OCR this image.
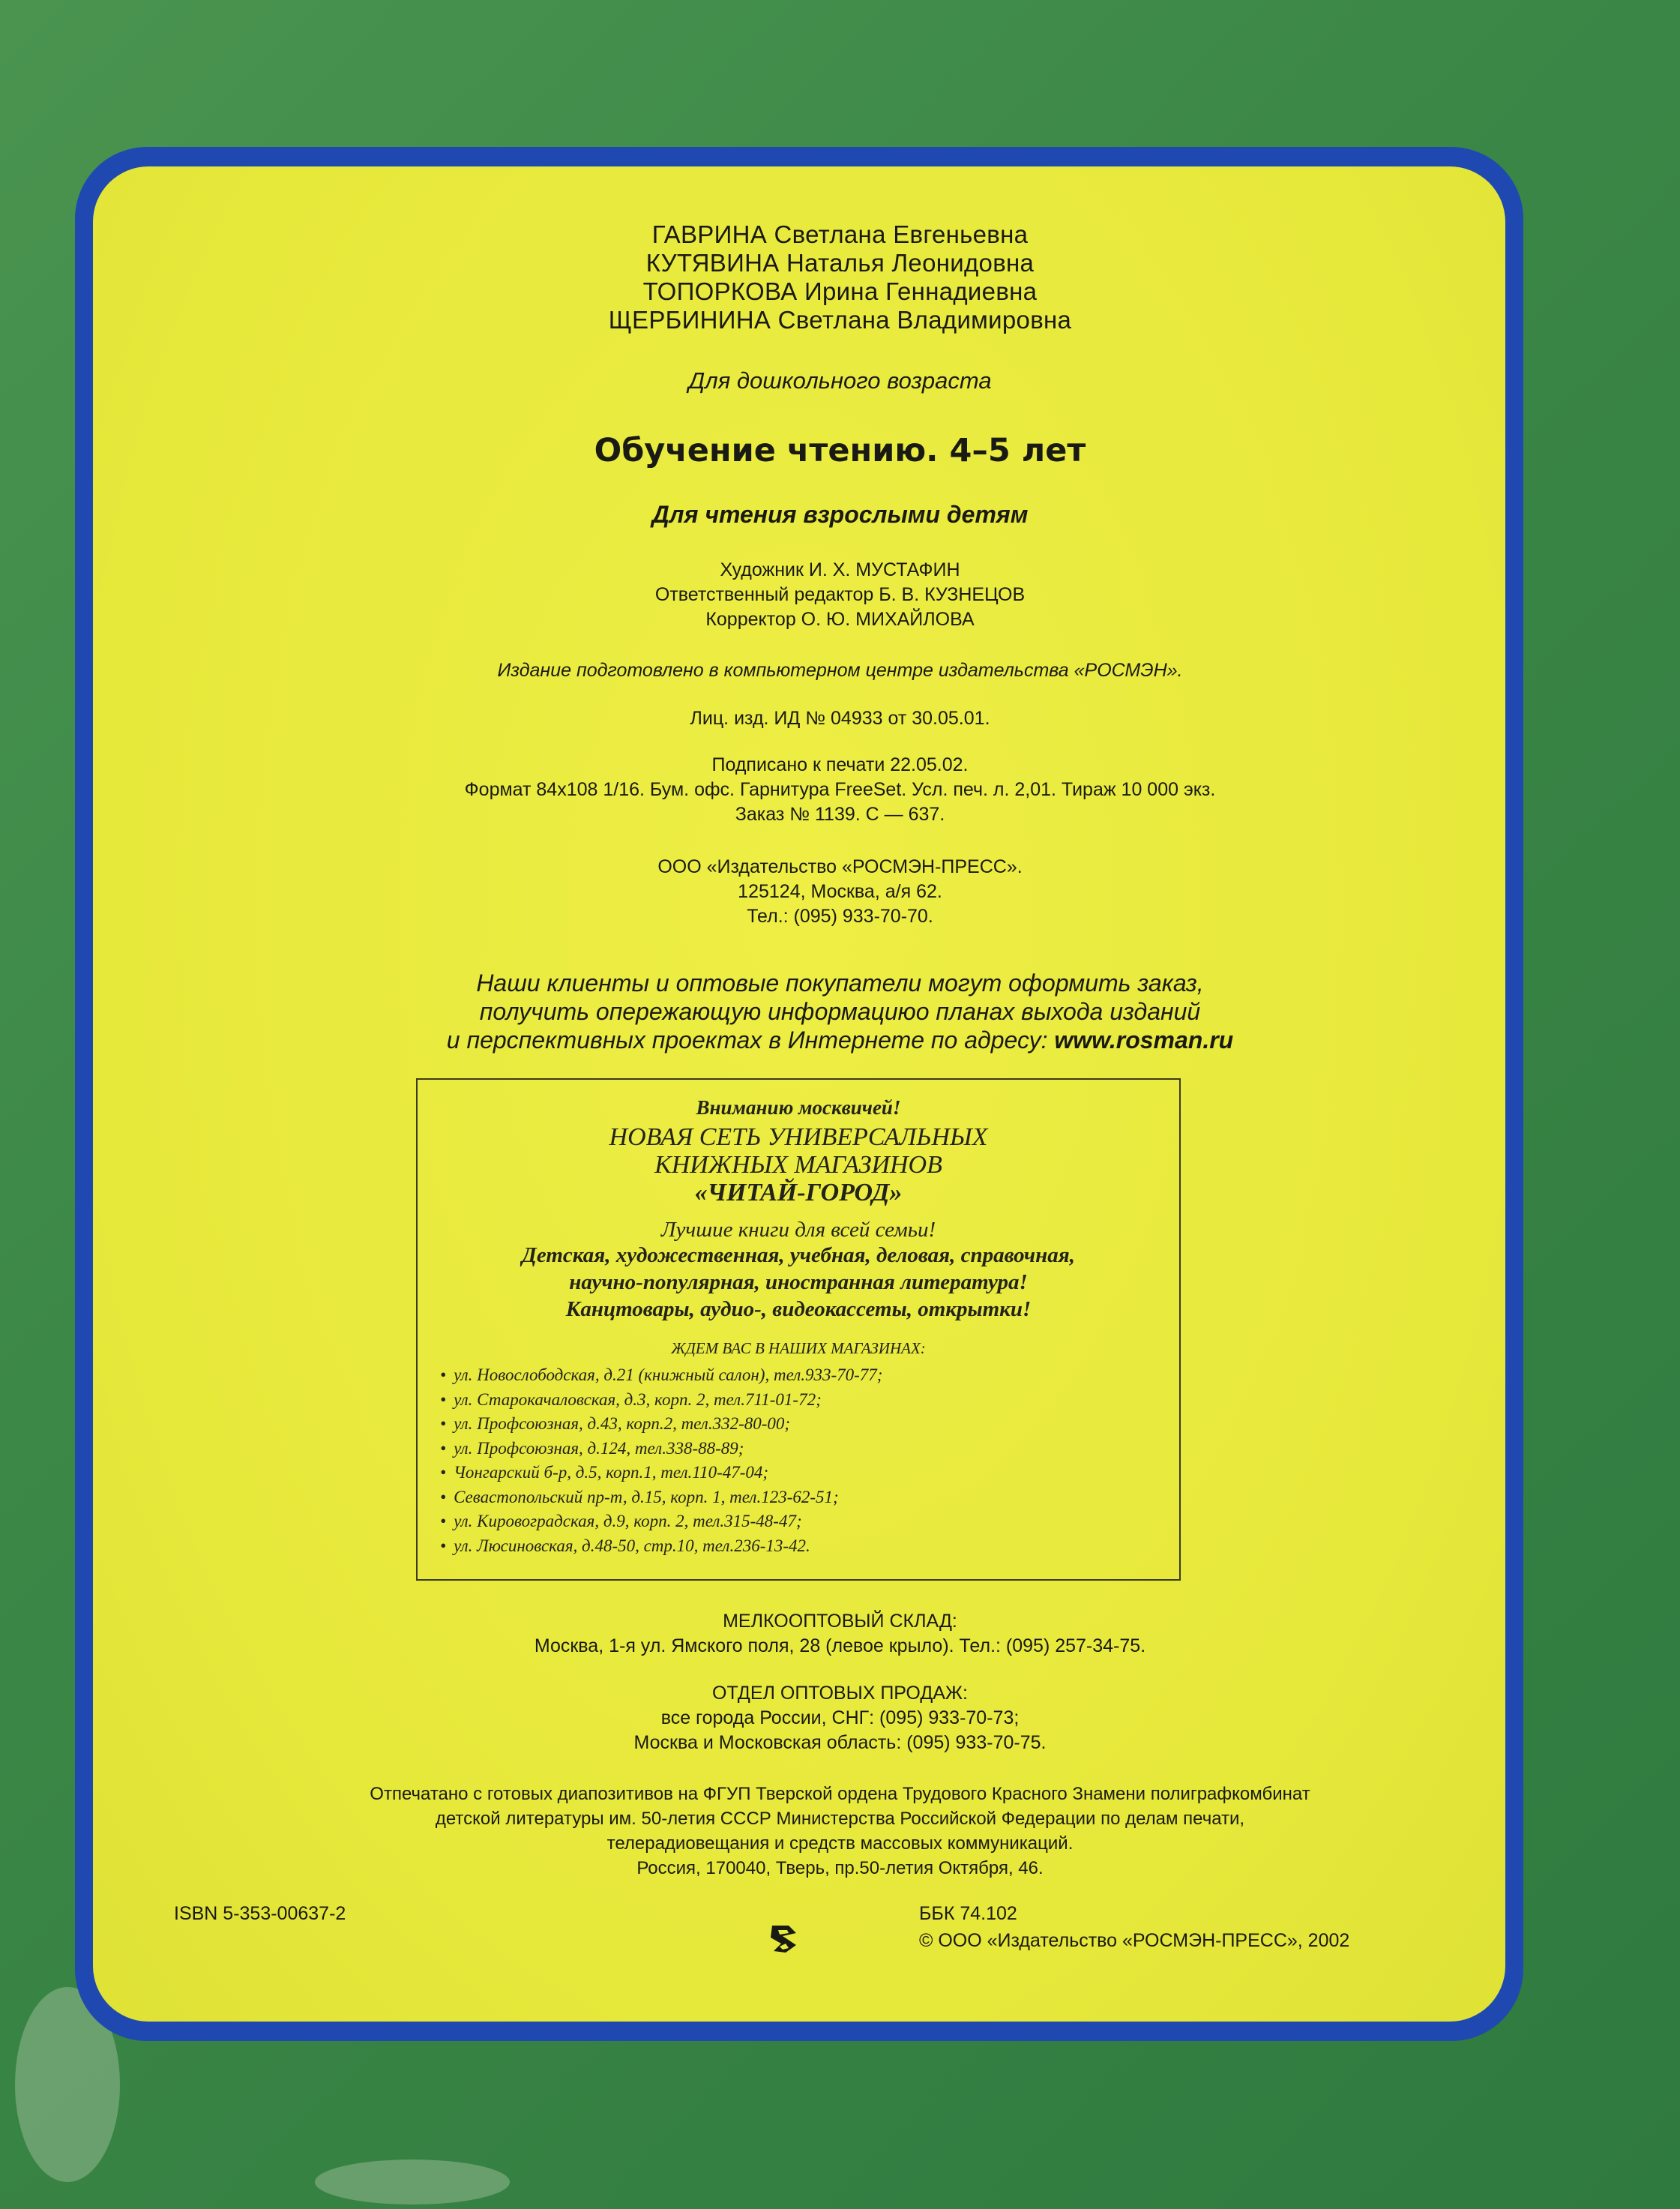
ГАВРИНА Светлана Евгеньевна
КУТЯВИНА Наталья Леонидовна
ТОПОРКОВА Ирина Геннадиевна
ЩЕРБИНИНА Светлана Владимировна
Для дошкольного возраста
Обучение чтению. 4–5 лет
Для чтения взрослыми детям
Художник И. Х. МУСТАФИН
Ответственный редактор Б. В. КУЗНЕЦОВ
Корректор О. Ю. МИХАЙЛОВА
Издание подготовлено в компьютерном центре издательства «РОСМЭН».
Лиц. изд. ИД № 04933 от 30.05.01.
Подписано к печати 22.05.02.
Формат 84x108 1/16. Бум. офс. Гарнитура FreeSet. Усл. печ. л. 2,01. Тираж 10 000 экз.
Заказ № 1139. С — 637.
ООО «Издательство «РОСМЭН-ПРЕСС».
125124, Москва, а/я 62.
Тел.: (095) 933-70-70.
Наши клиенты и оптовые покупатели могут оформить заказ,
получить опережающую информациюо планах выхода изданий
и перспективных проектах в Интернете по адресу: www.rosman.ru
Вниманию москвичей!
НОВАЯ СЕТЬ УНИВЕРСАЛЬНЫХ
КНИЖНЫХ МАГАЗИНОВ
«ЧИТАЙ-ГОРОД»
Лучшие книги для всей семьи!
Детская, художественная, учебная, деловая, справочная,
научно-популярная, иностранная литература!
Канцтовары, аудио-, видеокассеты, открытки!
ЖДЕМ ВАС В НАШИХ МАГАЗИНАХ:
• ул. Новослободская, д.21 (книжный салон), тел.933-70-77;
• ул. Старокачаловская, д.3, корп. 2, тел.711-01-72;
• ул. Профсоюзная, д.43, корп.2, тел.332-80-00;
• ул. Профсоюзная, д.124, тел.338-88-89;
• Чонгарский б-р, д.5, корп.1, тел.110-47-04;
• Севастопольский пр-т, д.15, корп. 1, тел.123-62-51;
• ул. Кировоградская, д.9, корп. 2, тел.315-48-47;
• ул. Люсиновская, д.48-50, стр.10, тел.236-13-42.
МЕЛКООПТОВЫЙ СКЛАД:
Москва, 1-я ул. Ямского поля, 28 (левое крыло). Тел.: (095) 257-34-75.
ОТДЕЛ ОПТОВЫХ ПРОДАЖ:
все города России, СНГ: (095) 933-70-73;
Москва и Московская область: (095) 933-70-75.
Отпечатано с готовых диапозитивов на ФГУП Тверской ордена Трудового Красного Знамени полиграфкомбинат
детской литературы им. 50-летия СССР Министерства Российской Федерации по делам печати,
телерадиовещания и средств массовых коммуникаций.
Россия, 170040, Тверь, пр.50-летия Октября, 46.
ISBN 5-353-00637-2	ББК 74.102
© ООО «Издательство «РОСМЭН-ПРЕСС», 2002
